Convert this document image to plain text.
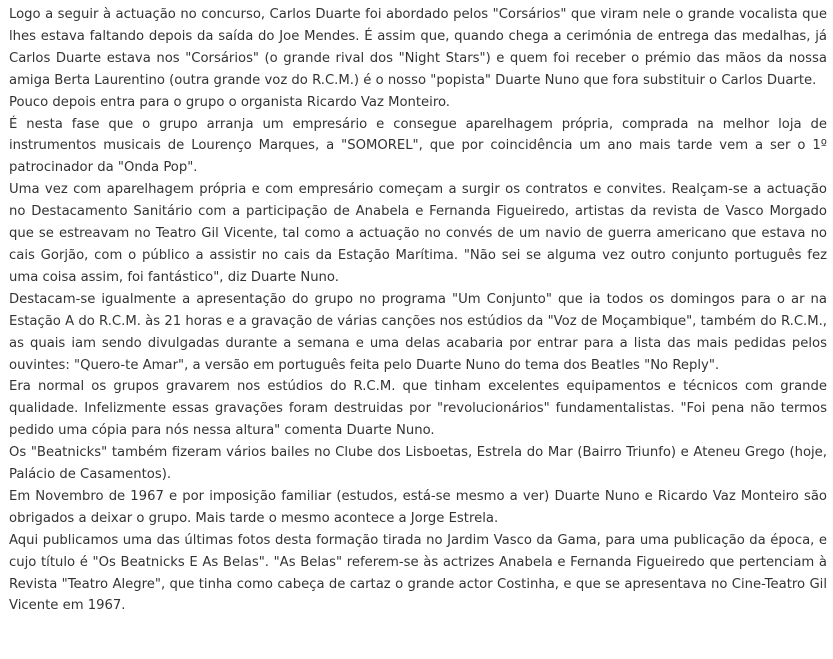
Logo a seguir à actuação no concurso, Carlos Duarte foi abordado pelos "Corsários" que viram nele o grande vocalista que lhes estava faltando depois da saída do Joe Mendes. É assim que, quando chega a cerimónia de entrega das medalhas, já Carlos Duarte estava nos "Corsários" (o grande rival dos "Night Stars") e quem foi receber o prémio das mãos da nossa amiga Berta Laurentino (outra grande voz do R.C.M.) é o nosso "popista" Duarte Nuno que fora substituir o Carlos Duarte.

Pouco depois entra para o grupo o organista Ricardo Vaz Monteiro.

É nesta fase que o grupo arranja um empresário e consegue aparelhagem própria, comprada na melhor loja de instrumentos musicais de Lourenço Marques, a "SOMOREL", que por coincidência um ano mais tarde vem a ser o 1º patrocinador da "Onda Pop".

Uma vez com aparelhagem própria e com empresário começam a surgir os contratos e convites. Realçam-se a actuação no Destacamento Sanitário com a participação de Anabela e Fernanda Figueiredo, artistas da revista de Vasco Morgado que se estreavam no Teatro Gil Vicente, tal como a actuação no convés de um navio de guerra americano que estava no cais Gorjão, com o público a assistir no cais da Estação Marítima. "Não sei se alguma vez outro conjunto português fez uma coisa assim, foi fantástico", diz Duarte Nuno.

Destacam-se igualmente a apresentação do grupo no programa "Um Conjunto" que ia todos os domingos para o ar na Estação A do R.C.M. às 21 horas e a gravação de várias canções nos estúdios da "Voz de Moçambique", também do R.C.M., as quais iam sendo divulgadas durante a semana e uma delas acabaria por entrar para a lista das mais pedidas pelos ouvintes: "Quero-te Amar", a versão em português feita pelo Duarte Nuno do tema dos Beatles "No Reply".

Era normal os grupos gravarem nos estúdios do R.C.M. que tinham excelentes equipamentos e técnicos com grande qualidade. Infelizmente essas gravações foram destruidas por "revolucionários" fundamentalistas. "Foi pena não termos pedido uma cópia para nós nessa altura" comenta Duarte Nuno.

Os "Beatnicks" também fizeram vários bailes no Clube dos Lisboetas, Estrela do Mar (Bairro Triunfo) e Ateneu Grego (hoje, Palácio de Casamentos).

Em Novembro de 1967 e por imposição familiar (estudos, está-se mesmo a ver) Duarte Nuno e Ricardo Vaz Monteiro são obrigados a deixar o grupo. Mais tarde o mesmo acontece a Jorge Estrela.

Aqui publicamos uma das últimas fotos desta formação tirada no Jardim Vasco da Gama, para uma publicação da época, e cujo título é "Os Beatnicks E As Belas". "As Belas" referem-se às actrizes Anabela e Fernanda Figueiredo que pertenciam à Revista "Teatro Alegre", que tinha como cabeça de cartaz o grande actor Costinha, e que se apresentava no Cine-Teatro Gil Vicente em 1967.
